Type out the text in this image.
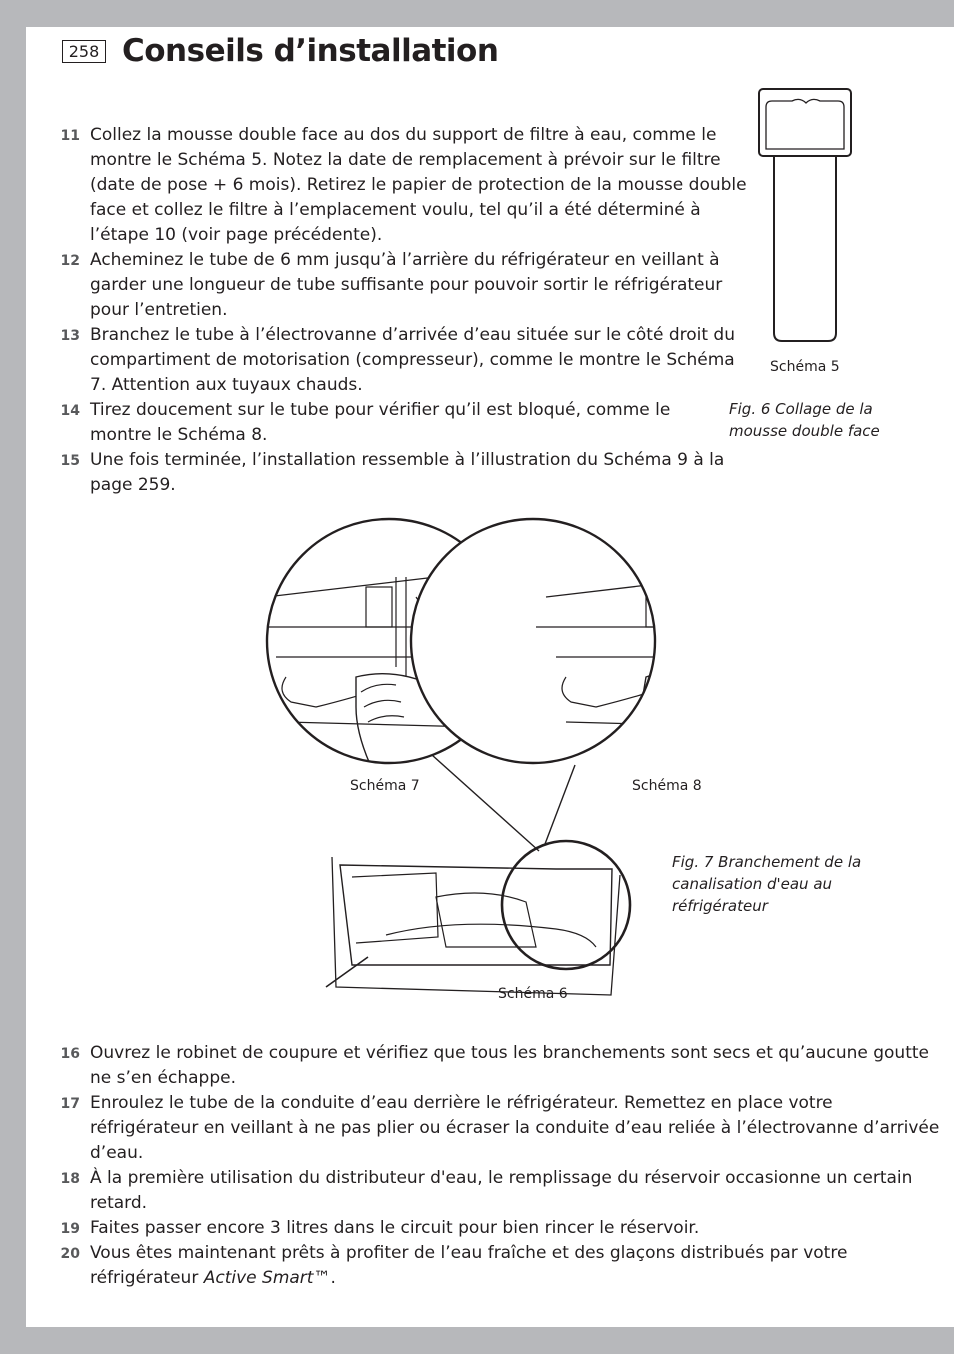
258 Conseils d’installation
11 Collez la mousse double face au dos du support de filtre à eau, comme le
montre le Schéma 5. Notez la date de remplacement à prévoir sur le filtre
(date de pose + 6 mois). Retirez le papier de protection de la mousse double
face et collez le filtre à l’emplacement voulu, tel qu’il a été déterminé à
l’étape 10 (voir page précédente).
12 Acheminez le tube de 6 mm jusqu’à l’arrière du réfrigérateur en veillant à
garder une longueur de tube suffisante pour pouvoir sortir le réfrigérateur
pour l’entretien.
13 Branchez le tube à l’électrovanne d’arrivée d’eau située sur le côté droit du
compartiment de motorisation (compresseur), comme le montre le Schéma
7. Attention aux tuyaux chauds.
14 Tirez doucement sur le tube pour vérifier qu’il est bloqué, comme le
montre le Schéma 8.
15 Une fois terminée, l’installation ressemble à l’illustration du Schéma 9 à la
page 259.
Schéma 5
Fig. 6 Collage de la
mousse double face
Schéma 7	Schéma 8
Schéma 6
Fig. 7 Branchement de la
canalisation d'eau au
réfrigérateur
16 Ouvrez le robinet de coupure et vérifiez que tous les branchements sont secs et qu’aucune goutte
ne s’en échappe.
17 Enroulez le tube de la conduite d’eau derrière le réfrigérateur. Remettez en place votre
réfrigérateur en veillant à ne pas plier ou écraser la conduite d’eau reliée à l’électrovanne d’arrivée
d’eau.
18 À la première utilisation du distributeur d'eau, le remplissage du réservoir occasionne un certain
retard.
19 Faites passer encore 3 litres dans le circuit pour bien rincer le réservoir.
20 Vous êtes maintenant prêts à profiter de l’eau fraîche et des glaçons distribués par votre
réfrigérateur Active Smart™.
